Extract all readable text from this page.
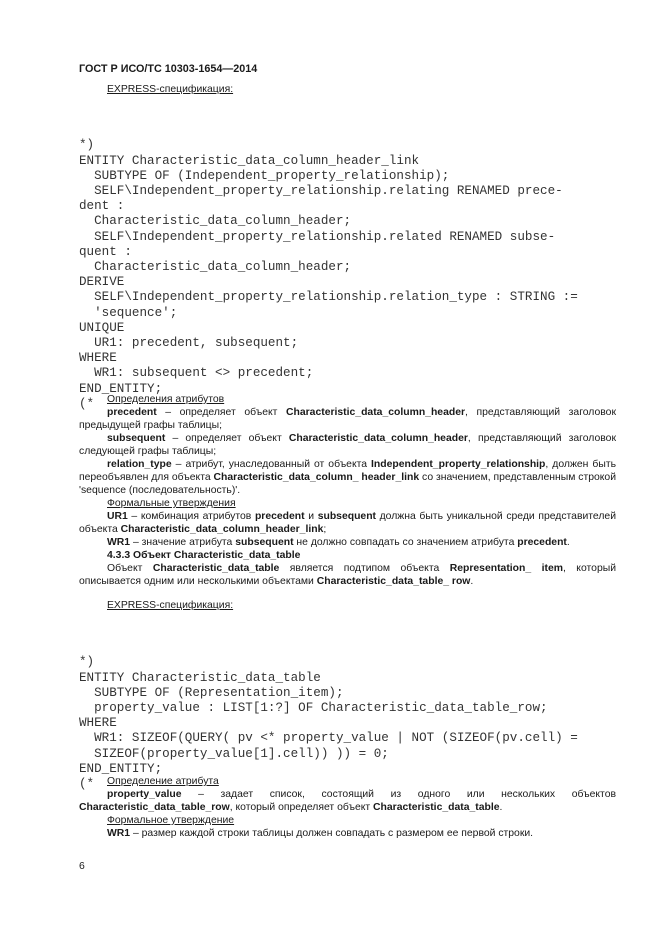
ГОСТ Р ИСО/ТС 10303-1654—2014
EXPRESS-спецификация:

*)
ENTITY Characteristic_data_column_header_link
SUBTYPE OF (Independent_property_relationship);
SELF\Independent_property_relationship.relating RENAMED prece-
dent :
Characteristic_data_column_header;
SELF\Independent_property_relationship.related RENAMED subse-
quent :
Characteristic_data_column_header;
DERIVE
SELF\Independent_property_relationship.relation_type : STRING :=
'sequence';
UNIQUE
UR1: precedent, subsequent;
WHERE
WR1: subsequent <> precedent;
END_ENTITY;
(*	Определения атрибутов

precedent – определяет объект Characteristic_data_column_header, представляющий заголовок предыдущей графы таблицы;

subsequent – определяет объект Characteristic_data_column_header, представляющий заголовок следующей графы таблицы;

relation_type – атрибут, унаследованный от объекта Independent_property_relationship, должен быть переобъявлен для объекта Characteristic_data_column_ header_link со значением, представленным строкой 'sequence (последовательность)'.

Формальные утверждения

UR1 – комбинация атрибутов precedent и subsequent должна быть уникальной среди представителей объекта Characteristic_data_column_header_link;

WR1 – значение атрибута subsequent не должно совпадать со значением атрибута precedent.

4.3.3 Объект Characteristic_data_table

Объект Characteristic_data_table является подтипом объекта Representation_ item, который описывается одним или несколькими объектами Characteristic_data_table_ row.

EXPRESS-спецификация:

*)
ENTITY Characteristic_data_table
SUBTYPE OF (Representation_item);
property_value : LIST[1:?] OF Characteristic_data_table_row;
WHERE
WR1: SIZEOF(QUERY( pv <* property_value | NOT (SIZEOF(pv.cell) =
SIZEOF(property_value[1].cell)) )) = 0;
END_ENTITY;
(*	Определение атрибута

property_value – задает список, состоящий из одного или нескольких объектов Characteristic_data_table_row, который определяет объект Characteristic_data_table.

Формальное утверждение

WR1 – размер каждой строки таблицы должен совпадать с размером ее первой строки.

6
